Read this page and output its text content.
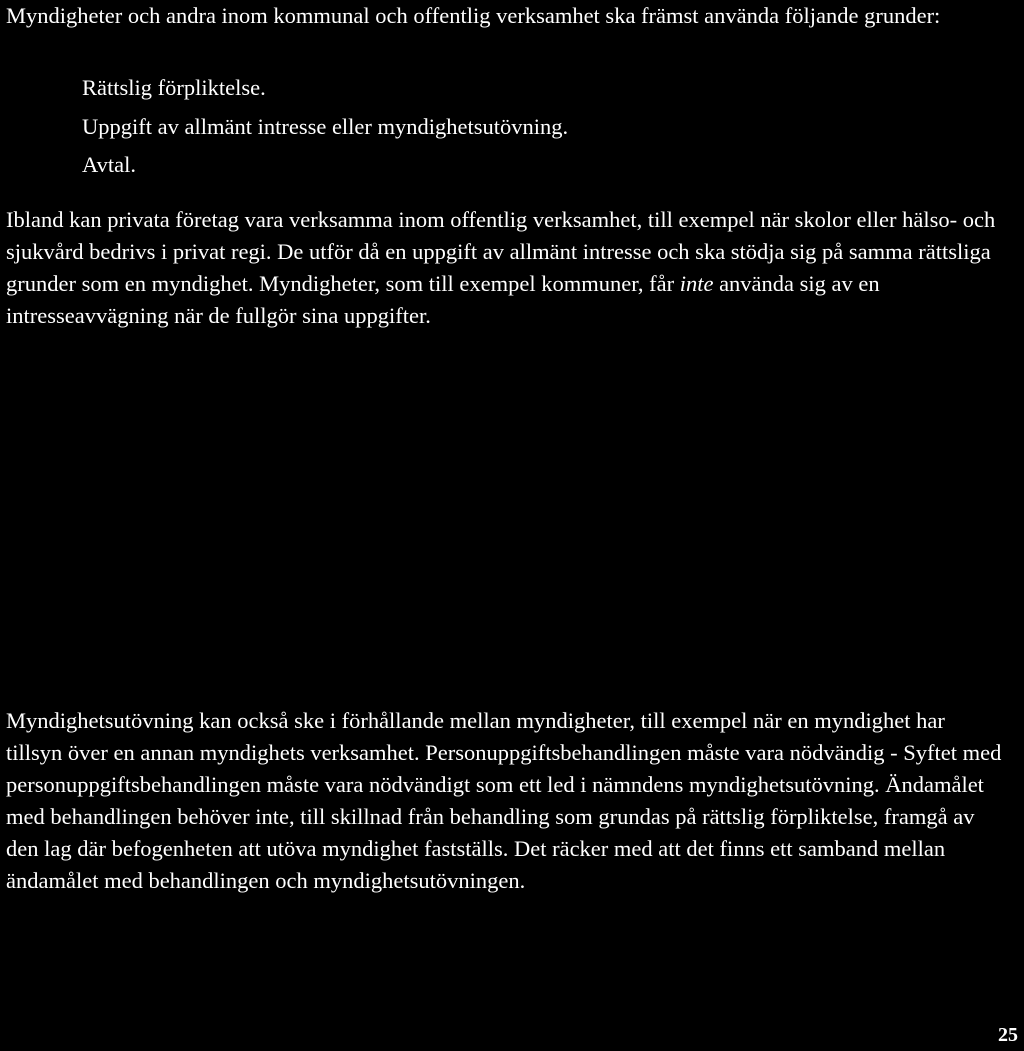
Myndigheter och andra inom kommunal och offentlig verksamhet ska främst använda följande grunder:

Rättslig förpliktelse.
Uppgift av allmänt intresse eller myndighetsutövning.
Avtal.

Ibland kan privata företag vara verksamma inom offentlig verksamhet, till exempel när skolor eller hälso- och sjukvård bedrivs i privat regi. De utför då en uppgift av allmänt intresse och ska stödja sig på samma rättsliga grunder som en myndighet. Myndigheter, som till exempel kommuner, får inte använda sig av en intresseavvägning när de fullgör sina uppgifter.

Myndighetsutövning kan också ske i förhållande mellan myndigheter, till exempel när en myndighet har tillsyn över en annan myndighets verksamhet. Personuppgiftsbehandlingen måste vara nödvändig - Syftet med personuppgiftsbehandlingen måste vara nödvändigt som ett led i nämndens myndighetsutövning. Ändamålet med behandlingen behöver inte, till skillnad från behandling som grundas på rättslig förpliktelse, framgå av den lag där befogenheten att utöva myndighet fastställs. Det räcker med att det finns ett samband mellan ändamålet med behandlingen och myndighetsutövningen.

25
